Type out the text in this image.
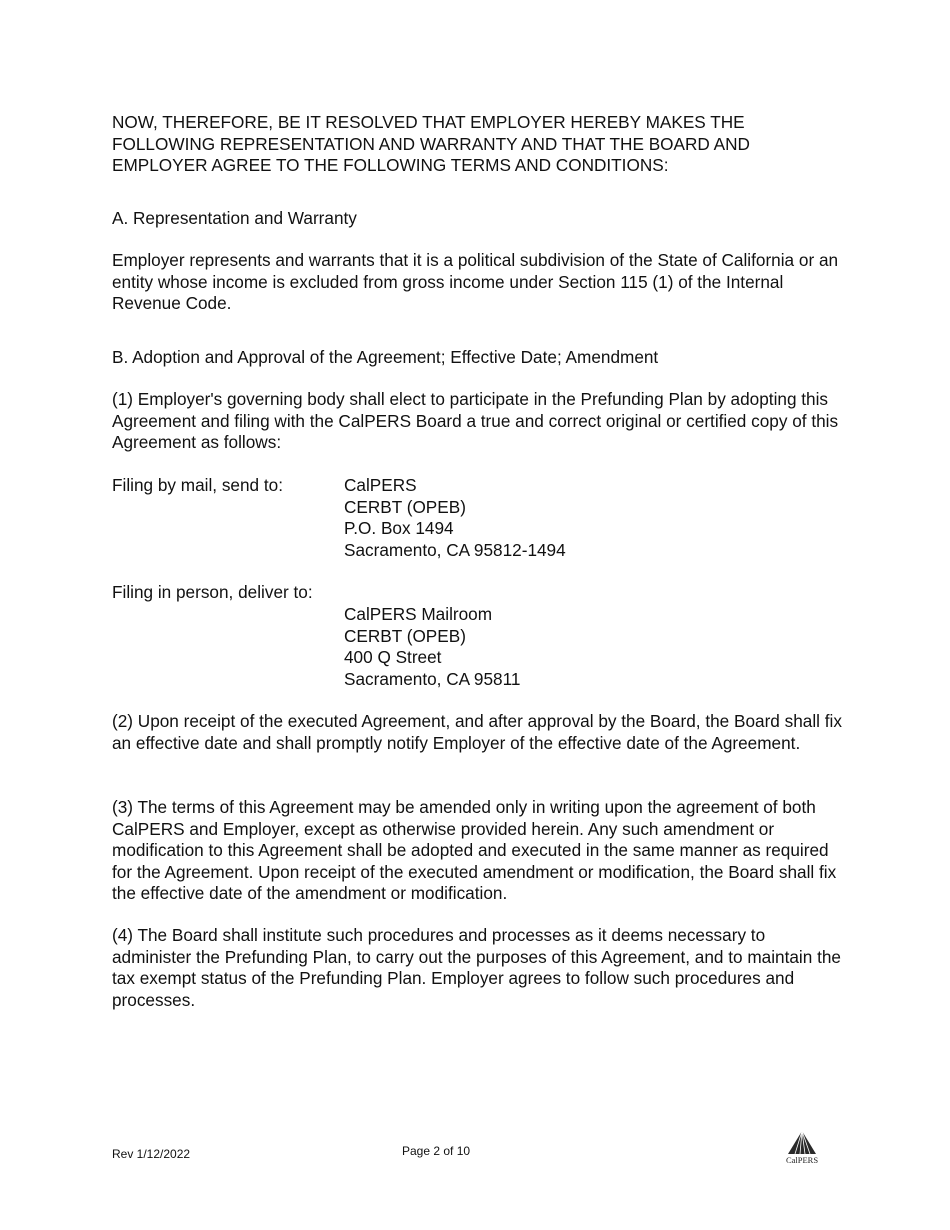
NOW, THEREFORE, BE IT RESOLVED THAT EMPLOYER HEREBY MAKES THE FOLLOWING REPRESENTATION AND WARRANTY AND THAT THE BOARD AND EMPLOYER AGREE TO THE FOLLOWING TERMS AND CONDITIONS:

A. Representation and Warranty

Employer represents and warrants that it is a political subdivision of the State of California or an entity whose income is excluded from gross income under Section 115 (1) of the Internal Revenue Code.

B. Adoption and Approval of the Agreement; Effective Date; Amendment

(1) Employer's governing body shall elect to participate in the Prefunding Plan by adopting this Agreement and filing with the CalPERS Board a true and correct original or certified copy of this Agreement as follows:

Filing by mail, send to:	CalPERS
CERBT (OPEB)
P.O. Box 1494
Sacramento, CA 95812-1494

Filing in person, deliver to:

CalPERS Mailroom
CERBT (OPEB)
400 Q Street
Sacramento, CA 95811

(2) Upon receipt of the executed Agreement, and after approval by the Board, the Board shall fix an effective date and shall promptly notify Employer of the effective date of the Agreement.

(3) The terms of this Agreement may be amended only in writing upon the agreement of both CalPERS and Employer, except as otherwise provided herein. Any such amendment or modification to this Agreement shall be adopted and executed in the same manner as required for the Agreement. Upon receipt of the executed amendment or modification, the Board shall fix the effective date of the amendment or modification.

(4) The Board shall institute such procedures and processes as it deems necessary to administer the Prefunding Plan, to carry out the purposes of this Agreement, and to maintain the tax exempt status of the Prefunding Plan. Employer agrees to follow such procedures and processes.

Rev 1/12/2022	Page 2 of 10
CalPERS
